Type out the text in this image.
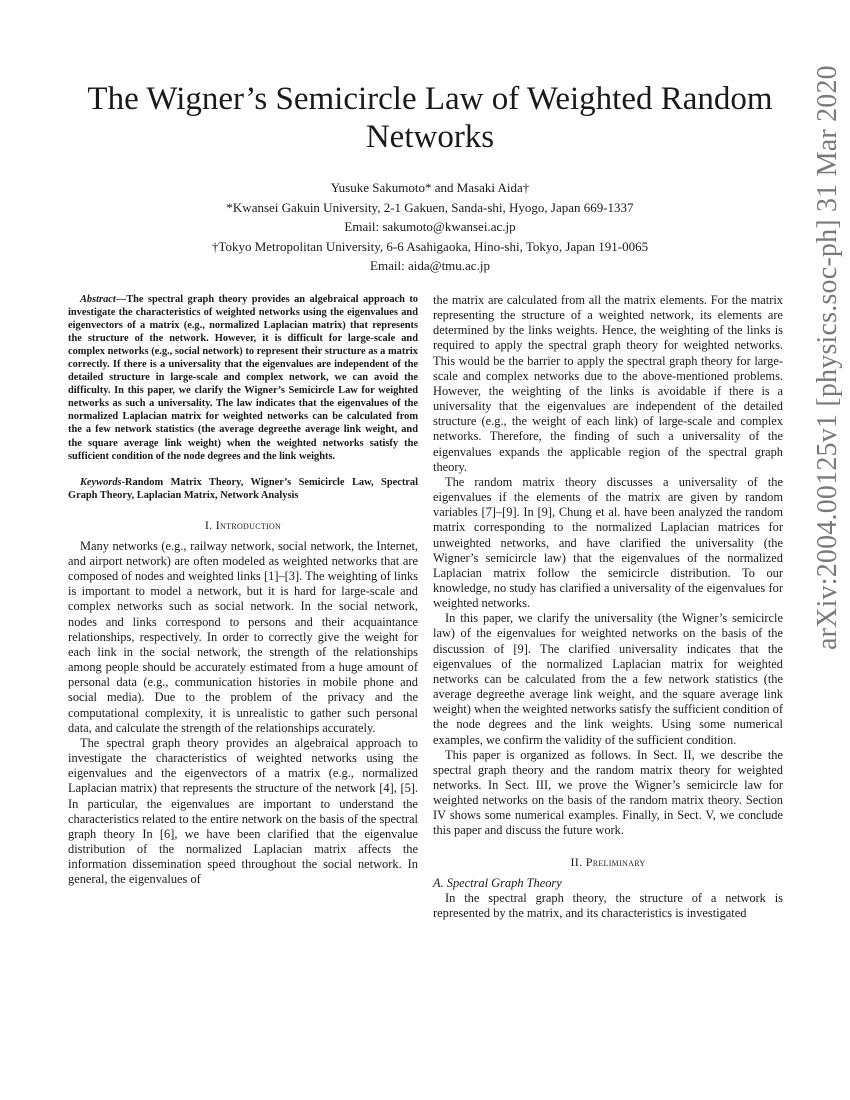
The Wigner’s Semicircle Law of Weighted Random Networks
Yusuke Sakumoto* and Masaki Aida†
*Kwansei Gakuin University, 2-1 Gakuen, Sanda-shi, Hyogo, Japan 669-1337
Email: sakumoto@kwansei.ac.jp
†Tokyo Metropolitan University, 6-6 Asahigaoka, Hino-shi, Tokyo, Japan 191-0065
Email: aida@tmu.ac.jp

Abstract—The spectral graph theory provides an algebraical approach to investigate the characteristics of weighted networks using the eigenvalues and eigenvectors of a matrix (e.g., normalized Laplacian matrix) that represents the structure of the network. However, it is difficult for large-scale and complex networks (e.g., social network) to represent their structure as a matrix correctly. If there is a universality that the eigenvalues are independent of the detailed structure in large-scale and complex network, we can avoid the difficulty. In this paper, we clarify the Wigner’s Semicircle Law for weighted networks as such a universality. The law indicates that the eigenvalues of the normalized Laplacian matrix for weighted networks can be calculated from the a few network statistics (the average degreethe average link weight, and the square average link weight) when the weighted networks satisfy the sufficient condition of the node degrees and the link weights.

Keywords-Random Matrix Theory, Wigner’s Semicircle Law, Spectral Graph Theory, Laplacian Matrix, Network Analysis

I. Introduction

Many networks (e.g., railway network, social network, the Internet, and airport network) are often modeled as weighted networks that are composed of nodes and weighted links [1]–[3]. The weighting of links is important to model a network, but it is hard for large-scale and complex networks such as social network. In the social network, nodes and links correspond to persons and their acquaintance relationships, respectively. In order to correctly give the weight for each link in the social network, the strength of the relationships among people should be accurately estimated from a huge amount of personal data (e.g., communication histories in mobile phone and social media). Due to the problem of the privacy and the computational complexity, it is unrealistic to gather such personal data, and calculate the strength of the relationships accurately.

The spectral graph theory provides an algebraical approach to investigate the characteristics of weighted networks using the eigenvalues and the eigenvectors of a matrix (e.g., normalized Laplacian matrix) that represents the structure of the network [4], [5]. In particular, the eigenvalues are important to understand the characteristics related to the entire network on the basis of the spectral graph theory In [6], we have been clarified that the eigenvalue distribution of the normalized Laplacian matrix affects the information dissemination speed throughout the social network. In general, the eigenvalues of

the matrix are calculated from all the matrix elements. For the matrix representing the structure of a weighted network, its elements are determined by the links weights. Hence, the weighting of the links is required to apply the spectral graph theory for weighted networks. This would be the barrier to apply the spectral graph theory for large-scale and complex networks due to the above-mentioned problems. However, the weighting of the links is avoidable if there is a universality that the eigenvalues are independent of the detailed structure (e.g., the weight of each link) of large-scale and complex networks. Therefore, the finding of such a universality of the eigenvalues expands the applicable region of the spectral graph theory.

The random matrix theory discusses a universality of the eigenvalues if the elements of the matrix are given by random variables [7]–[9]. In [9], Chung et al. have been analyzed the random matrix corresponding to the normalized Laplacian matrices for unweighted networks, and have clarified the universality (the Wigner’s semicircle law) that the eigenvalues of the normalized Laplacian matrix follow the semicircle distribution. To our knowledge, no study has clarified a universality of the eigenvalues for weighted networks.

In this paper, we clarify the universality (the Wigner’s semicircle law) of the eigenvalues for weighted networks on the basis of the discussion of [9]. The clarified universality indicates that the eigenvalues of the normalized Laplacian matrix for weighted networks can be calculated from the a few network statistics (the average degreethe average link weight, and the square average link weight) when the weighted networks satisfy the sufficient condition of the node degrees and the link weights. Using some numerical examples, we confirm the validity of the sufficient condition.

This paper is organized as follows. In Sect. II, we describe the spectral graph theory and the random matrix theory for weighted networks. In Sect. III, we prove the Wigner’s semicircle law for weighted networks on the basis of the random matrix theory. Section IV shows some numerical examples. Finally, in Sect. V, we conclude this paper and discuss the future work.

II. Preliminary

A. Spectral Graph Theory

In the spectral graph theory, the structure of a network is represented by the matrix, and its characteristics is investigated

arXiv:2004.00125v1 [physics.soc-ph] 31 Mar 2020
